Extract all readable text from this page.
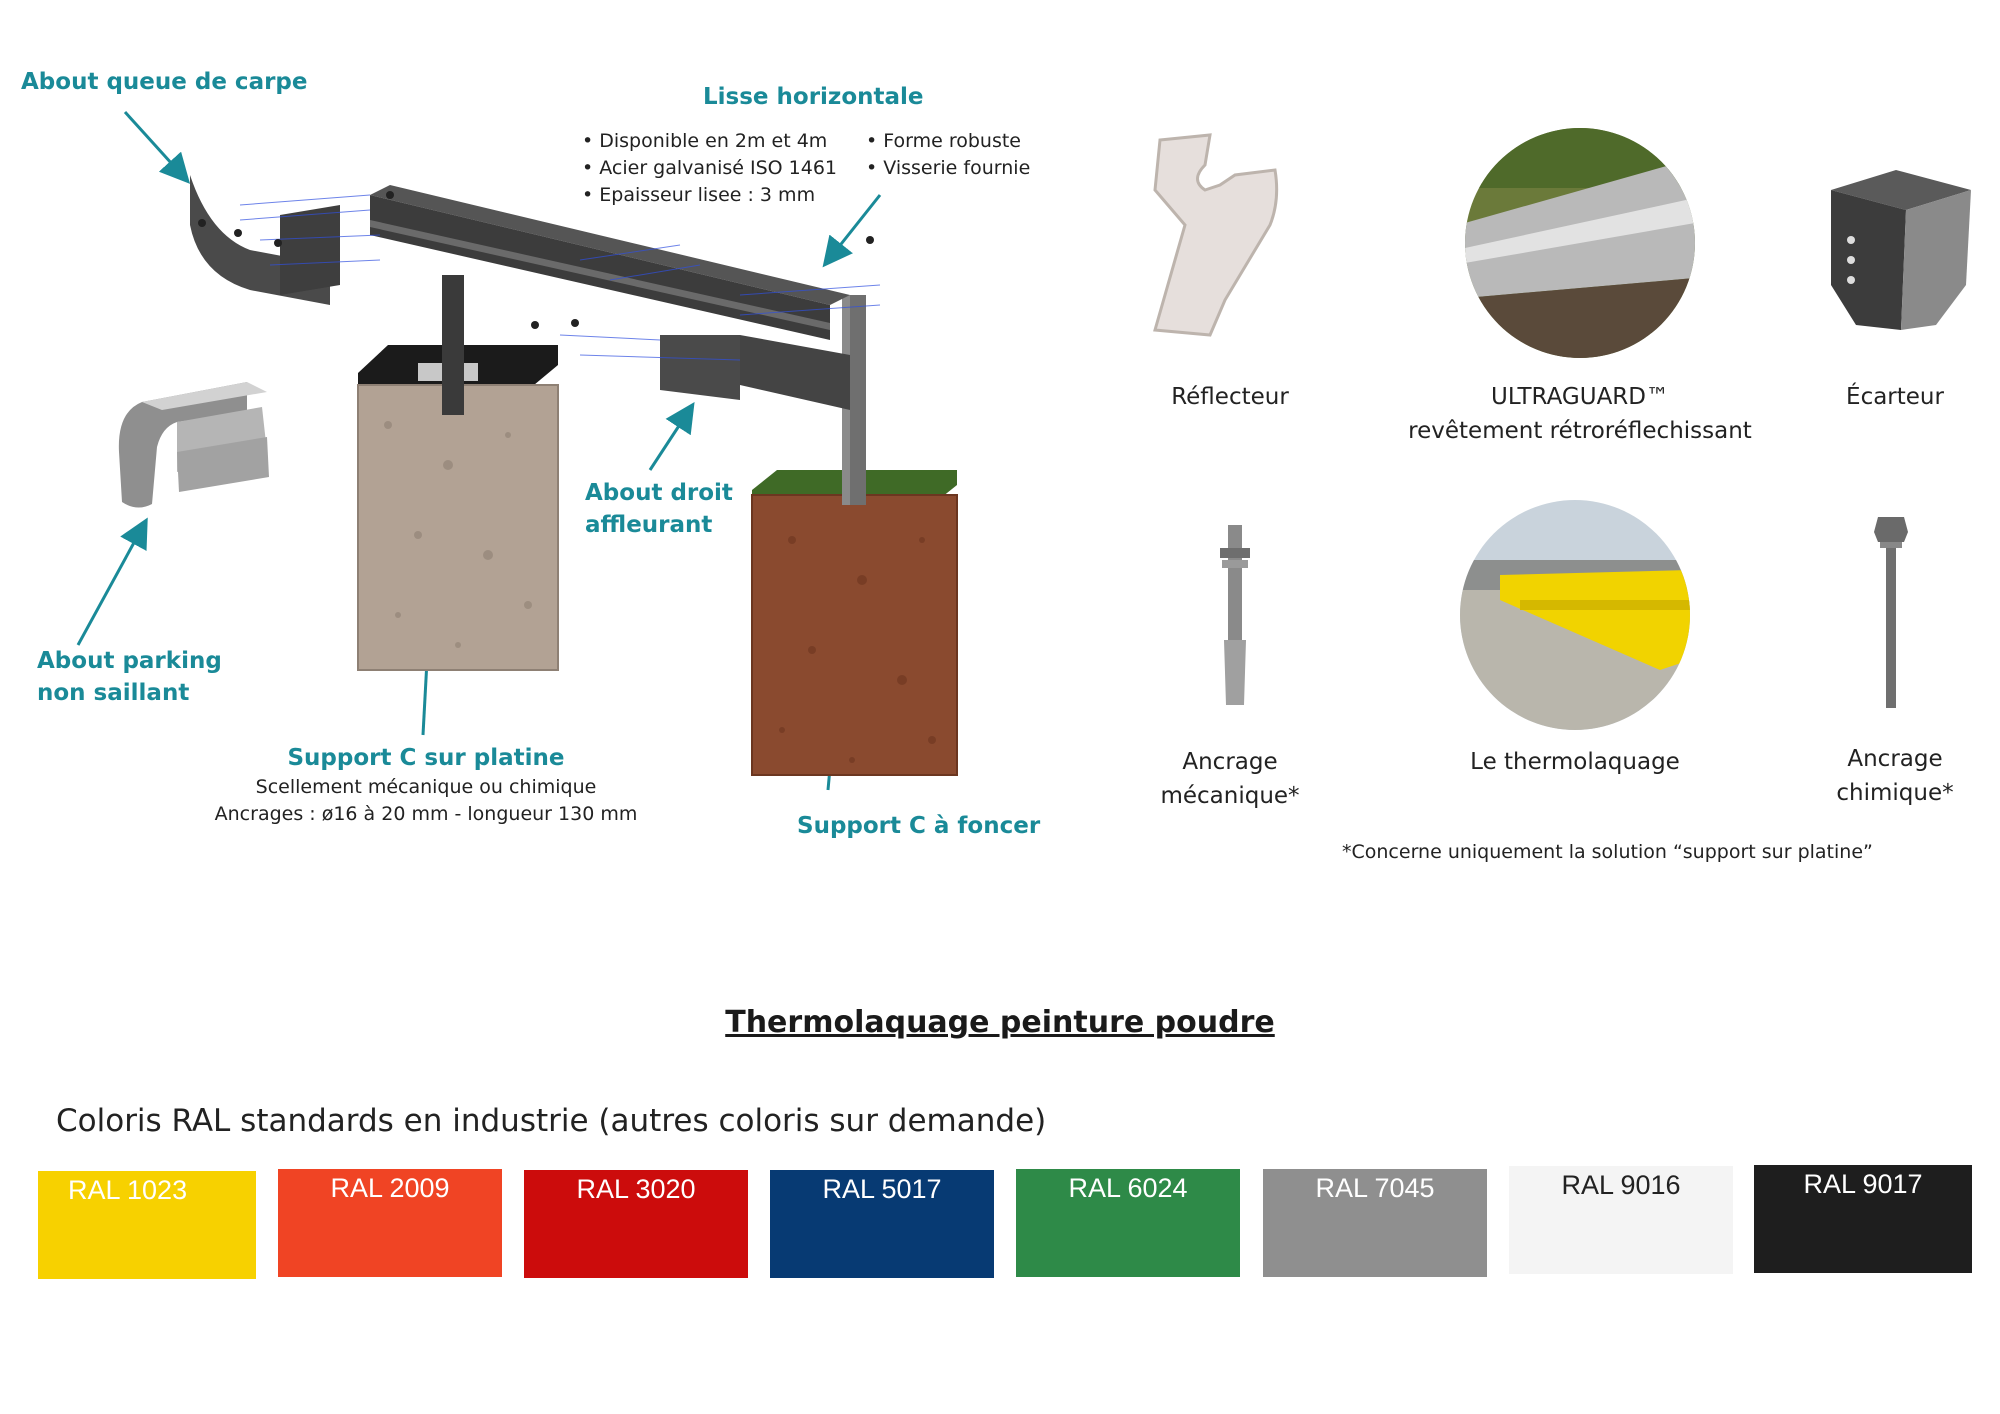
About queue de carpe
Lisse horizontale
• Disponible en 2m et 4m
• Acier galvanisé ISO 1461
• Epaisseur lisee : 3 mm
• Forme robuste
• Visserie fournie
About parking
non saillant
About droit
affleurant
Support C sur platine
Scellement mécanique ou chimique
Ancrages : ø16 à 20 mm - longueur 130 mm	Support C à foncer
Réflecteur	ULTRAGUARD™
revêtement rétroréflechissant
Écarteur
Ancrage
mécanique*
Le thermolaquage	Ancrage
chimique*
*Concerne uniquement la solution “support sur platine”
Thermolaquage peinture poudre
Coloris RAL standards en industrie (autres coloris sur demande)
RAL 1023	RAL 2009	RAL 3020	RAL 5017	RAL 6024	RAL 7045	RAL 9016	RAL 9017
